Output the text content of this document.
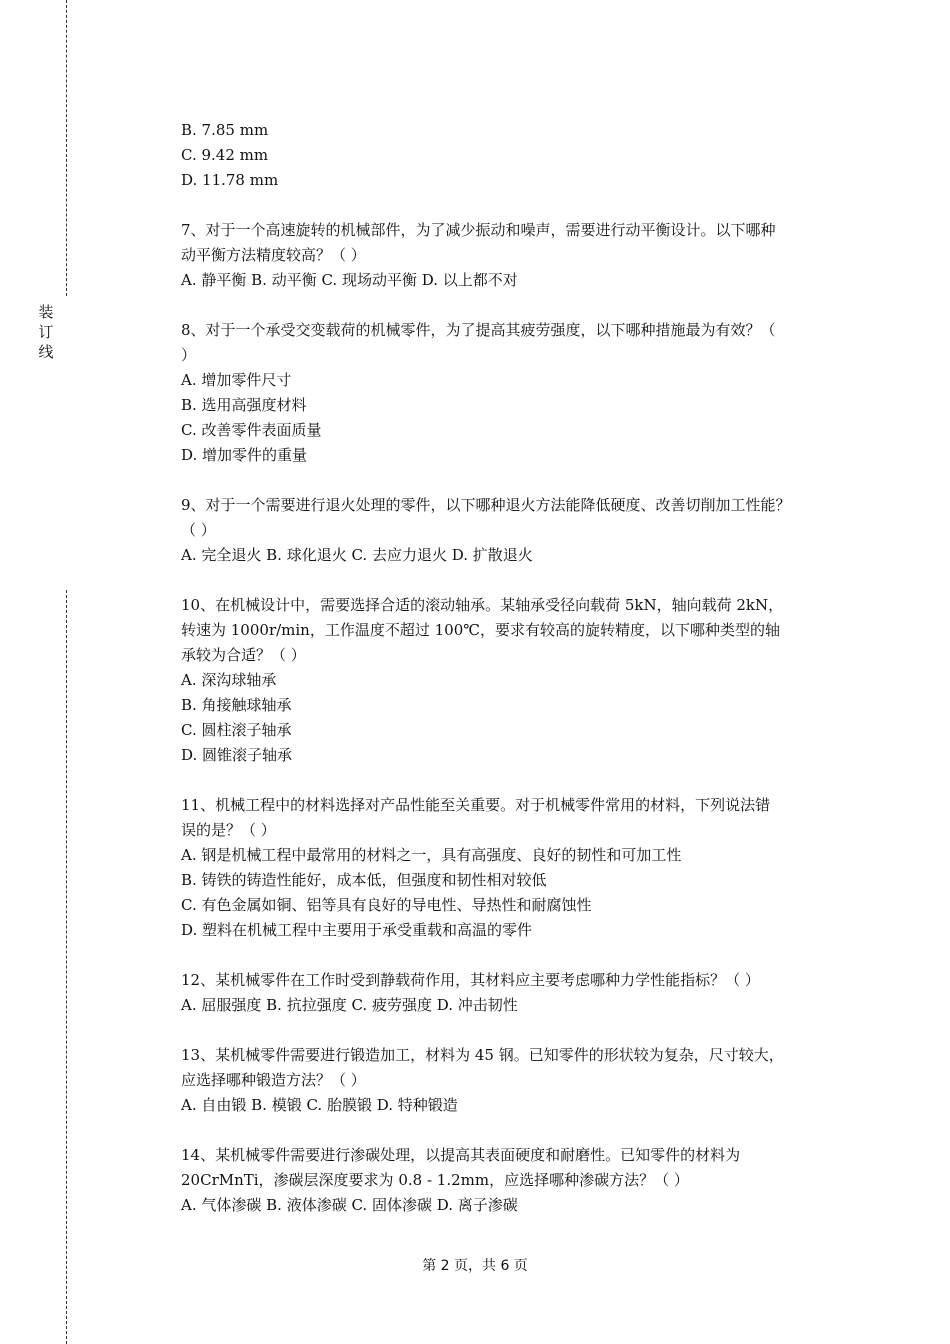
装
订
线
B. 7.85 mm
C. 9.42 mm
D. 11.78 mm
7、对于一个高速旋转的机械部件，为了减少振动和噪声，需要进行动平衡设计。以下哪种
动平衡方法精度较高？（ ）
A. 静平衡 B. 动平衡 C. 现场动平衡 D. 以上都不对
8、对于一个承受交变载荷的机械零件，为了提高其疲劳强度，以下哪种措施最为有效？（
）
A. 增加零件尺寸
B. 选用高强度材料
C. 改善零件表面质量
D. 增加零件的重量
9、对于一个需要进行退火处理的零件，以下哪种退火方法能降低硬度、改善切削加工性能？
（ ）
A. 完全退火 B. 球化退火 C. 去应力退火 D. 扩散退火
10、在机械设计中，需要选择合适的滚动轴承。某轴承受径向载荷 5kN，轴向载荷 2kN，
转速为 1000r/min，工作温度不超过 100℃，要求有较高的旋转精度，以下哪种类型的轴
承较为合适？（ ）
A. 深沟球轴承
B. 角接触球轴承
C. 圆柱滚子轴承
D. 圆锥滚子轴承
11、机械工程中的材料选择对产品性能至关重要。对于机械零件常用的材料，下列说法错
误的是？（ ）
A. 钢是机械工程中最常用的材料之一，具有高强度、良好的韧性和可加工性
B. 铸铁的铸造性能好，成本低，但强度和韧性相对较低
C. 有色金属如铜、铝等具有良好的导电性、导热性和耐腐蚀性
D. 塑料在机械工程中主要用于承受重载和高温的零件
12、某机械零件在工作时受到静载荷作用，其材料应主要考虑哪种力学性能指标？（ ）
A. 屈服强度 B. 抗拉强度 C. 疲劳强度 D. 冲击韧性
13、某机械零件需要进行锻造加工，材料为 45 钢。已知零件的形状较为复杂，尺寸较大，
应选择哪种锻造方法？（ ）
A. 自由锻 B. 模锻 C. 胎膜锻 D. 特种锻造
14、某机械零件需要进行渗碳处理，以提高其表面硬度和耐磨性。已知零件的材料为
20CrMnTi，渗碳层深度要求为 0.8 - 1.2mm，应选择哪种渗碳方法？（ ）
A. 气体渗碳 B. 液体渗碳 C. 固体渗碳 D. 离子渗碳
第 2 页，共 6 页
